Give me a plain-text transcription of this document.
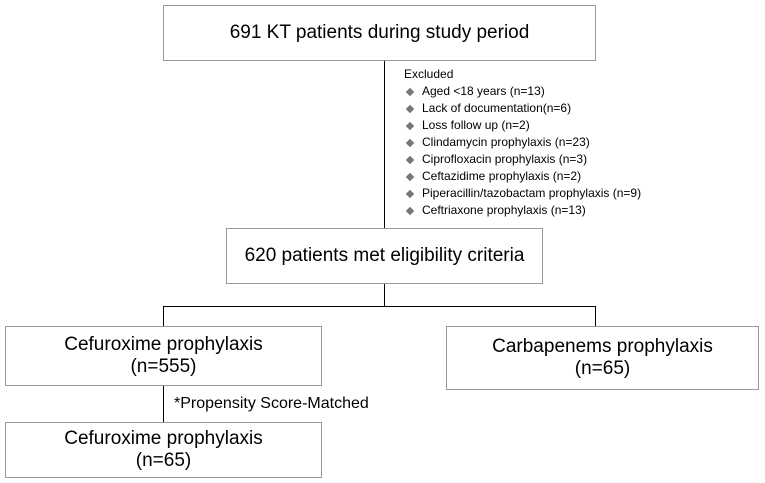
691 KT patients during study period
620 patients met eligibility criteria
Cefuroxime prophylaxis
(n=555)
Carbapenems prophylaxis
(n=65)
Cefuroxime prophylaxis
(n=65)
Excluded
Aged <18 years (n=13)
Lack of documentation(n=6)
Loss follow up (n=2)
Clindamycin prophylaxis (n=23)
Ciprofloxacin prophylaxis (n=3)
Ceftazidime prophylaxis (n=2)
Piperacillin/tazobactam prophylaxis (n=9)
Ceftriaxone prophylaxis (n=13)
*Propensity Score-Matched
